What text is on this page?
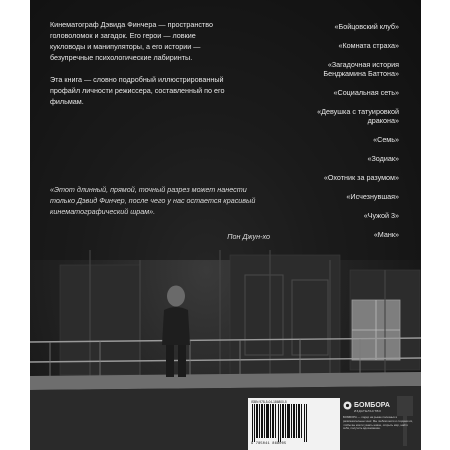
Кинематограф Дэвида Финчера — пространство головоломок и загадок. Его герои — ловкие кукловоды и манипуляторы, а его истории — безупречные психологические лабиринты.

Эта книга — словно подробный иллюстрированный профайл личности режиссера, составленный по его фильмам.

«Бойцовский клуб»
«Комната страха»
«Загадочная история Бенджамина Баттона»
«Социальная сеть»
«Девушка с татуировкой дракона»
«Семь»
«Зодиак»
«Охотник за разумом»
«Исчезнувшая»
«Чужой 3»
«Манк»

«Этот длинный, прямой, точный разрез может нанести только Дэвид Финчер, после чего у нас остается красивый кинематографический шрам».

Пон Джун-хо

ISBN 978-5-04-186800-5
9 785041 868005
БОМБОРА
ИЗДАТЕЛЬСТВО
БОМБОРА — лидер на рынке полезных и развлекательных книг. Мы любим книги и создаем их, чтобы вы могли узнать новое, открыть мир, найти себя, получить вдохновение.
